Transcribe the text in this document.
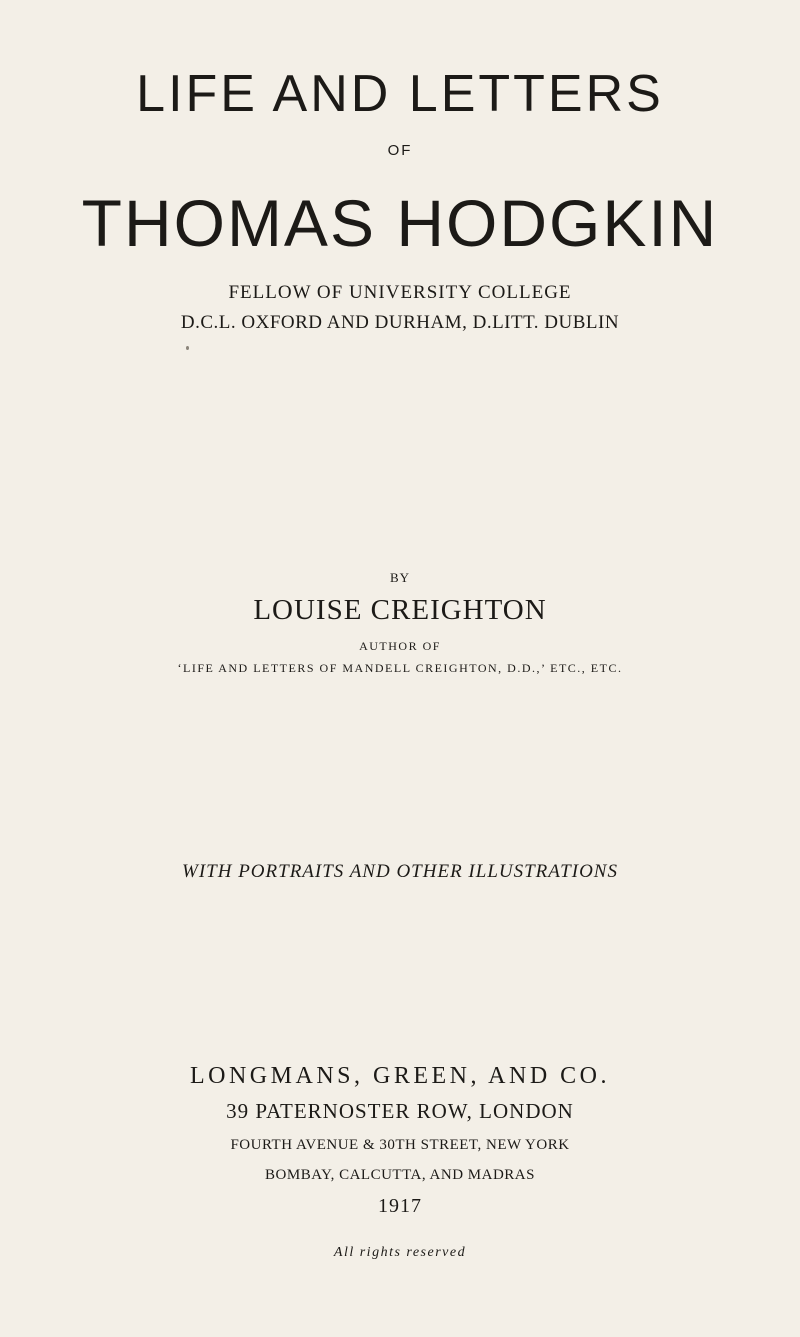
LIFE AND LETTERS
OF
THOMAS HODGKIN
FELLOW OF UNIVERSITY COLLEGE
D.C.L. OXFORD AND DURHAM, D.LITT. DUBLIN
BY
LOUISE CREIGHTON
AUTHOR OF
‘LIFE AND LETTERS OF MANDELL CREIGHTON, D.D.,’ ETC., ETC.
WITH PORTRAITS AND OTHER ILLUSTRATIONS
LONGMANS, GREEN, AND CO.
39 PATERNOSTER ROW, LONDON
FOURTH AVENUE & 30TH STREET, NEW YORK
BOMBAY, CALCUTTA, AND MADRAS
1917
All rights reserved
